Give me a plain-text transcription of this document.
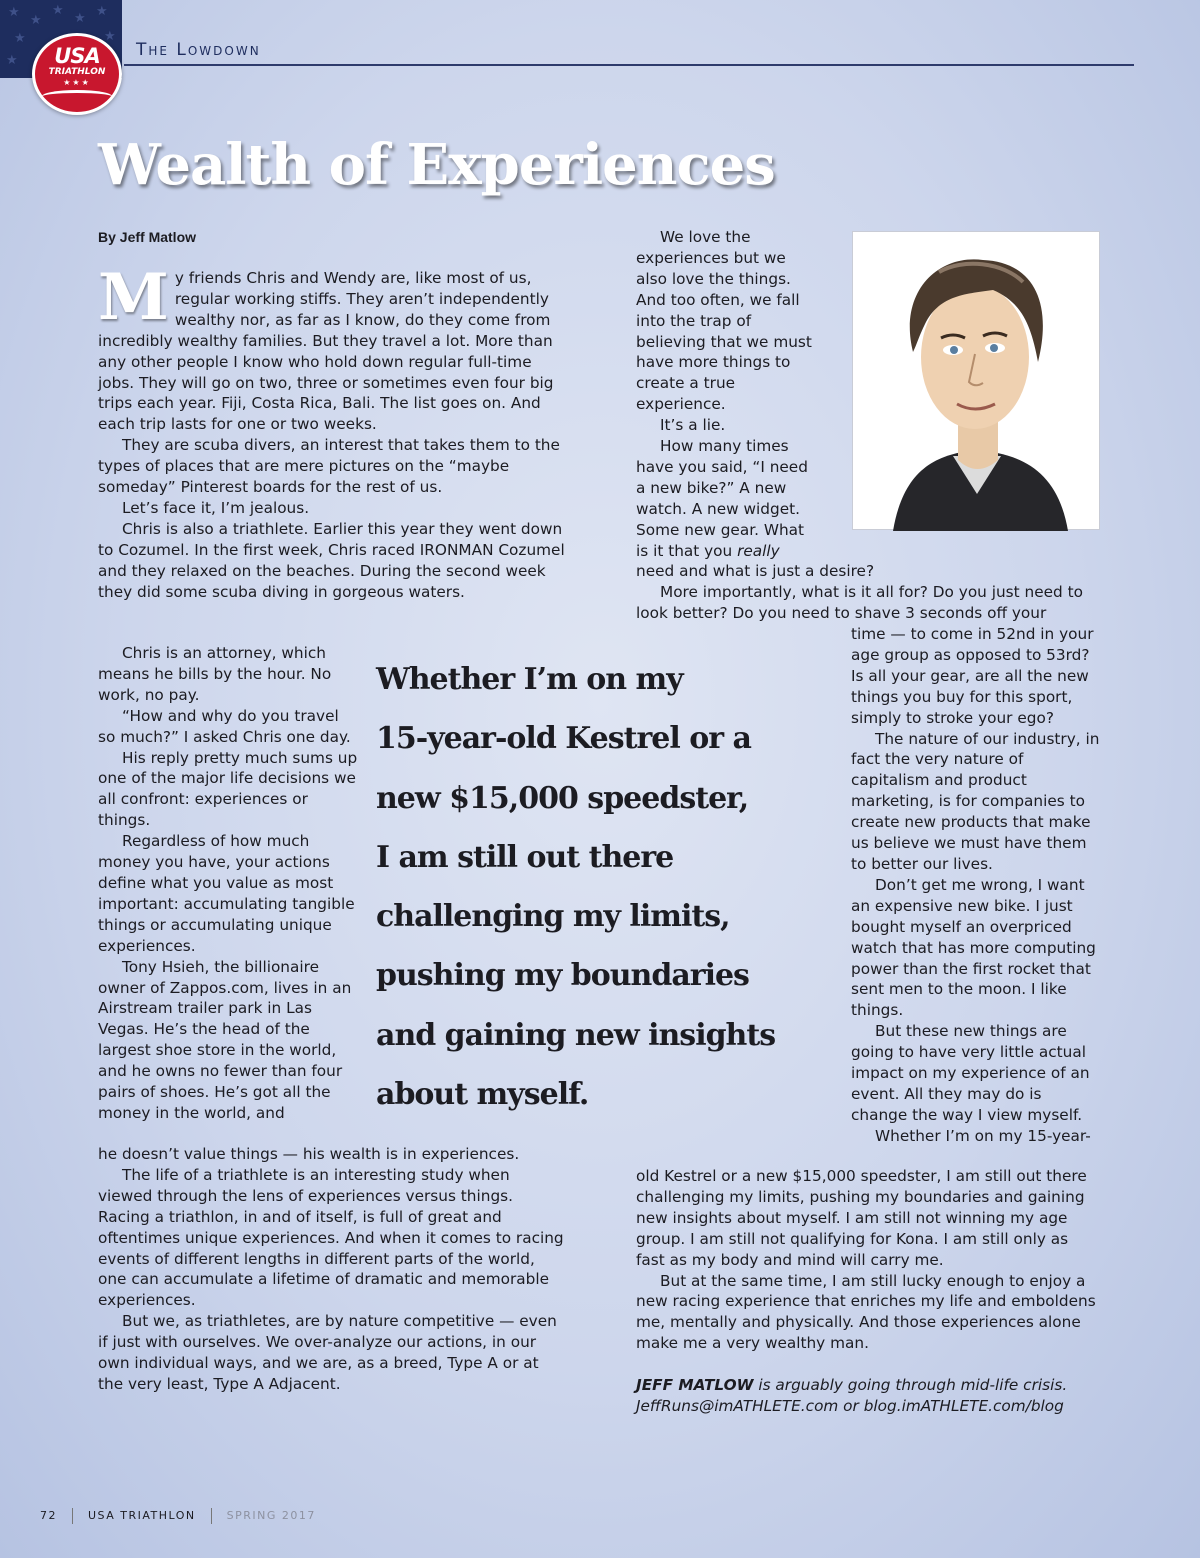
★
★
★
★ ★
★	★
★	USA
TRIATHLON
★★★
The Lowdown
Wealth of Experiences
By Jeff Matlow

My friends Chris and Wendy are, like most of us, regular working stiffs. They aren’t independently wealthy nor, as far as I know, do they come from incredibly wealthy families. But they travel a lot. More than any other people I know who hold down regular full-time jobs. They will go on two, three or sometimes even four big trips each year. Fiji, Costa Rica, Bali. The list goes on. And each trip lasts for one or two weeks.

They are scuba divers, an interest that takes them to the types of places that are mere pictures on the “maybe someday” Pinterest boards for the rest of us.

Let’s face it, I’m jealous.

Chris is also a triathlete. Earlier this year they went down to Cozumel. In the first week, Chris raced IRONMAN Cozumel and they relaxed on the beaches. During the second week they did some scuba diving in gorgeous waters.

Chris is an attorney, which means he bills by the hour. No work, no pay.

“How and why do you travel so much?” I asked Chris one day.

His reply pretty much sums up one of the major life decisions we all confront: experiences or things.

Regardless of how much money you have, your actions define what you value as most important: accumulating tangible things or accumulating unique experiences.

Tony Hsieh, the billionaire owner of Zappos.com, lives in an Airstream trailer park in Las Vegas. He’s the head of the largest shoe store in the world, and he owns no fewer than four pairs of shoes. He’s got all the money in the world, and

he doesn’t value things — his wealth is in experiences.

The life of a triathlete is an interesting study when viewed through the lens of experiences versus things. Racing a triathlon, in and of itself, is full of great and oftentimes unique experiences. And when it comes to racing events of different lengths in different parts of the world, one can accumulate a lifetime of dramatic and memorable experiences.

But we, as triathletes, are by nature competitive — even if just with ourselves. We over-analyze our actions, in our own individual ways, and we are, as a breed, Type A or at the very least, Type A Adjacent.

Whether I’m on my
15-year-old Kestrel or a
new $15,000 speedster,
I am still out there
challenging my limits,
pushing my boundaries
and gaining new insights
about myself.

We love the experiences but we also love the things. And too often, we fall into the trap of believing that we must have more things to create a true experience.

It’s a lie.

How many times have you said, “I need a new bike?” A new watch. A new widget. Some new gear. What is it that you really

need and what is just a desire?

More importantly, what is it all for? Do you just need to look better? Do you need to shave 3 seconds off your

time — to come in 52nd in your age group as opposed to 53rd? Is all your gear, are all the new things you buy for this sport, simply to stroke your ego?

The nature of our industry, in fact the very nature of capitalism and product marketing, is for companies to create new products that make us believe we must have them to better our lives.

Don’t get me wrong, I want an expensive new bike. I just bought myself an overpriced watch that has more computing power than the first rocket that sent men to the moon. I like things.

But these new things are going to have very little actual impact on my experience of an event. All they may do is change the way I view myself.

Whether I’m on my 15-year-

old Kestrel or a new $15,000 speedster, I am still out there challenging my limits, pushing my boundaries and gaining new insights about myself. I am still not winning my age group. I am still not qualifying for Kona. I am still only as fast as my body and mind will carry me.

But at the same time, I am still lucky enough to enjoy a new racing experience that enriches my life and emboldens me, mentally and physically. And those experiences alone make me a very wealthy man.

JEFF MATLOW is arguably going through mid-life crisis.
JeffRuns@imATHLETE.com or blog.imATHLETE.com/blog
72	USA TRIATHLON	SPRING 2017
